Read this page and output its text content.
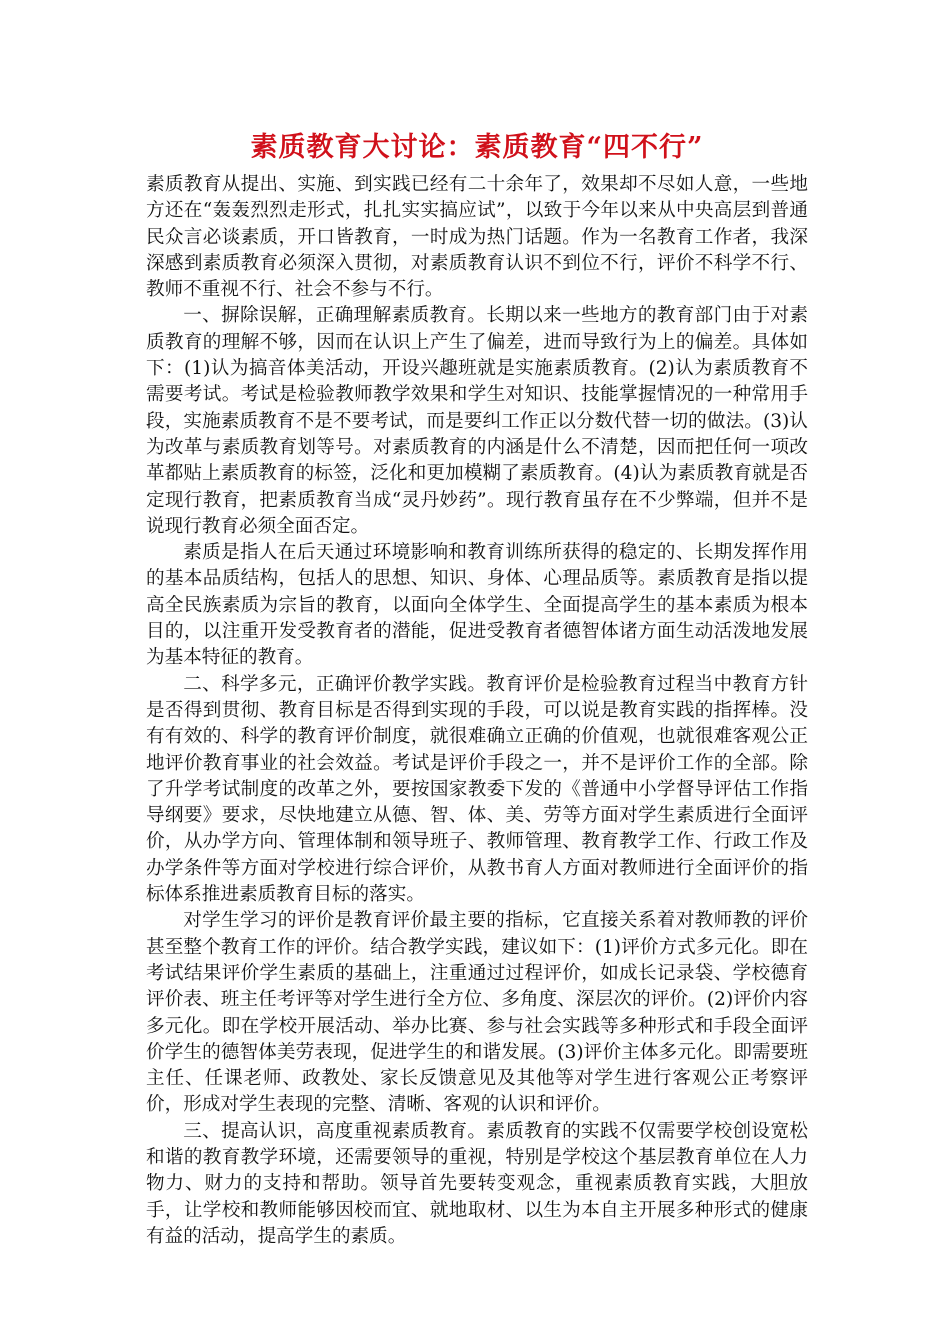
素质教育大讨论：素质教育“四不行”

素质教育从提出、实施、到实践已经有二十余年了，效果却不尽如人意，一些地方还在“轰轰烈烈走形式，扎扎实实搞应试”，以致于今年以来从中央高层到普通民众言必谈素质，开口皆教育，一时成为热门话题。作为一名教育工作者，我深深感到素质教育必须深入贯彻，对素质教育认识不到位不行，评价不科学不行、教师不重视不行、社会不参与不行。

一、摒除误解，正确理解素质教育。长期以来一些地方的教育部门由于对素质教育的理解不够，因而在认识上产生了偏差，进而导致行为上的偏差。具体如下：(1)认为搞音体美活动，开设兴趣班就是实施素质教育。(2)认为素质教育不需要考试。考试是检验教师教学效果和学生对知识、技能掌握情况的一种常用手段，实施素质教育不是不要考试，而是要纠工作正以分数代替一切的做法。(3)认为改革与素质教育划等号。对素质教育的内涵是什么不清楚，因而把任何一项改革都贴上素质教育的标签，泛化和更加模糊了素质教育。(4)认为素质教育就是否定现行教育，把素质教育当成“灵丹妙药”。现行教育虽存在不少弊端，但并不是说现行教育必须全面否定。

素质是指人在后天通过环境影响和教育训练所获得的稳定的、长期发挥作用的基本品质结构，包括人的思想、知识、身体、心理品质等。素质教育是指以提高全民族素质为宗旨的教育，以面向全体学生、全面提高学生的基本素质为根本目的，以注重开发受教育者的潜能，促进受教育者德智体诸方面生动活泼地发展为基本特征的教育。

二、科学多元，正确评价教学实践。教育评价是检验教育过程当中教育方针是否得到贯彻、教育目标是否得到实现的手段，可以说是教育实践的指挥棒。没有有效的、科学的教育评价制度，就很难确立正确的价值观，也就很难客观公正地评价教育事业的社会效益。考试是评价手段之一，并不是评价工作的全部。除了升学考试制度的改革之外，要按国家教委下发的《普通中小学督导评估工作指导纲要》要求，尽快地建立从德、智、体、美、劳等方面对学生素质进行全面评价，从办学方向、管理体制和领导班子、教师管理、教育教学工作、行政工作及办学条件等方面对学校进行综合评价，从教书育人方面对教师进行全面评价的指标体系推进素质教育目标的落实。

对学生学习的评价是教育评价最主要的指标，它直接关系着对教师教的评价甚至整个教育工作的评价。结合教学实践，建议如下：(1)评价方式多元化。即在考试结果评价学生素质的基础上，注重通过过程评价，如成长记录袋、学校德育评价表、班主任考评等对学生进行全方位、多角度、深层次的评价。(2)评价内容多元化。即在学校开展活动、举办比赛、参与社会实践等多种形式和手段全面评价学生的德智体美劳表现，促进学生的和谐发展。(3)评价主体多元化。即需要班主任、任课老师、政教处、家长反馈意见及其他等对学生进行客观公正考察评价，形成对学生表现的完整、清晰、客观的认识和评价。

三、提高认识，高度重视素质教育。素质教育的实践不仅需要学校创设宽松和谐的教育教学环境，还需要领导的重视，特别是学校这个基层教育单位在人力物力、财力的支持和帮助。领导首先要转变观念，重视素质教育实践，大胆放手，让学校和教师能够因校而宜、就地取材、以生为本自主开展多种形式的健康有益的活动，提高学生的素质。
